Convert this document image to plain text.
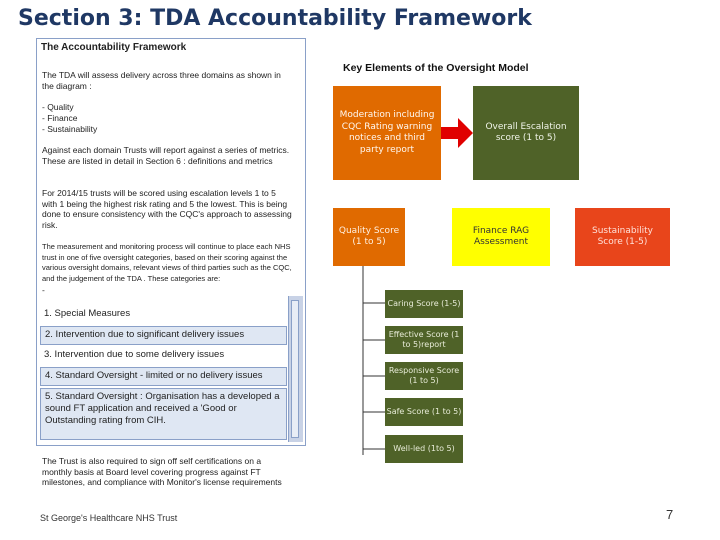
Section 3: TDA Accountability Framework
The Accountability Framework
The TDA will assess delivery across three domains as shown in the diagram :
- Quality
- Finance
- Sustainability
Against each domain Trusts will report against a series of metrics. These are listed in detail in Section 6 : definitions and metrics
For 2014/15 trusts will be scored using escalation levels 1 to 5 with 1 being the highest risk rating and 5 the lowest. This is being done to ensure consistency with the CQC's approach to assessing risk.
The measurement and monitoring process will continue to place each NHS trust in one of five oversight categories, based on their scoring against the various oversight domains, relevant views of third parties such as the CQC, and the judgement of the TDA . These categories are:
-
1. Special Measures
2. Intervention due to significant delivery issues
3. Intervention due to some delivery issues
4. Standard Oversight - limited or no delivery issues
5. Standard Oversight : Organisation has a developed a sound FT application and received a 'Good or Outstanding rating from CIH.
The Trust is also required to sign off self certifications on a monthly basis at Board level covering progress against FT milestones, and compliance with Monitor's license requirements
Key Elements of the Oversight Model
Moderation including CQC Rating warning notices and third party report
Overall Escalation score (1 to 5)
Quality Score (1 to 5)
Finance RAG Assessment
Sustainability Score (1-5)
Caring Score (1-5)
Effective Score (1 to 5)report
Responsive Score (1 to 5)
Safe Score (1 to 5)
Well-led (1to 5)
St George's Healthcare NHS Trust	7
